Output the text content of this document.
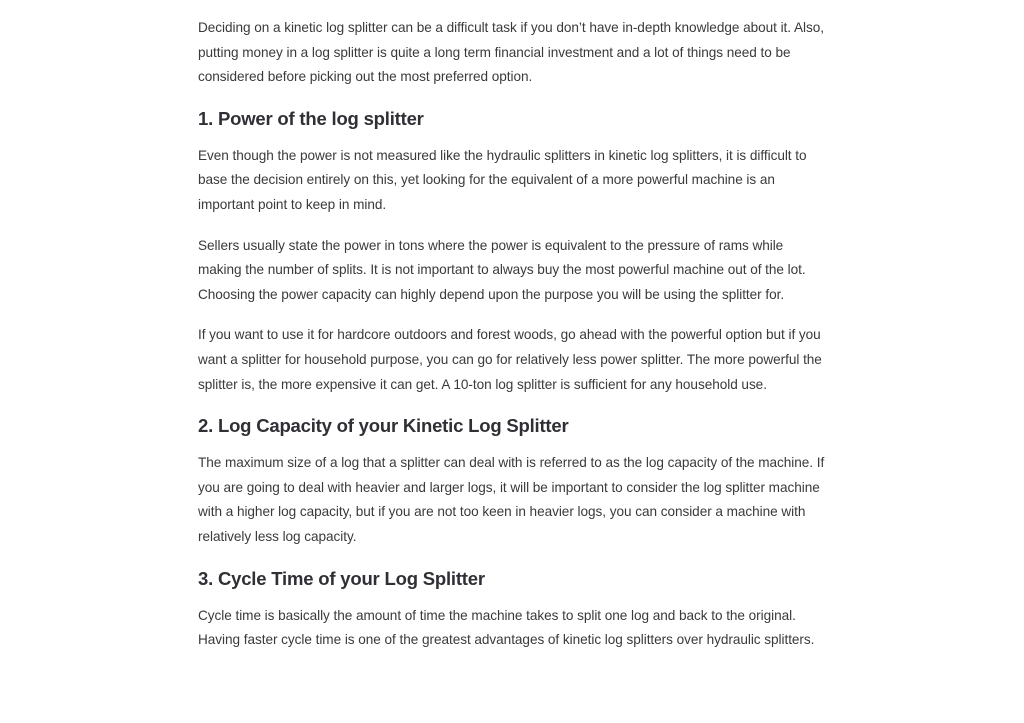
Deciding on a kinetic log splitter can be a difficult task if you don’t have in-depth knowledge about it. Also, putting money in a log splitter is quite a long term financial investment and a lot of things need to be considered before picking out the most preferred option.

1. Power of the log splitter

Even though the power is not measured like the hydraulic splitters in kinetic log splitters, it is difficult to base the decision entirely on this, yet looking for the equivalent of a more powerful machine is an important point to keep in mind.

Sellers usually state the power in tons where the power is equivalent to the pressure of rams while making the number of splits. It is not important to always buy the most powerful machine out of the lot. Choosing the power capacity can highly depend upon the purpose you will be using the splitter for.

If you want to use it for hardcore outdoors and forest woods, go ahead with the powerful option but if you want a splitter for household purpose, you can go for relatively less power splitter. The more powerful the splitter is, the more expensive it can get. A 10-ton log splitter is sufficient for any household use.

2. Log Capacity of your Kinetic Log Splitter

The maximum size of a log that a splitter can deal with is referred to as the log capacity of the machine. If you are going to deal with heavier and larger logs, it will be important to consider the log splitter machine with a higher log capacity, but if you are not too keen in heavier logs, you can consider a machine with relatively less log capacity.

3. Cycle Time of your Log Splitter

Cycle time is basically the amount of time the machine takes to split one log and back to the original. Having faster cycle time is one of the greatest advantages of kinetic log splitters over hydraulic splitters.
